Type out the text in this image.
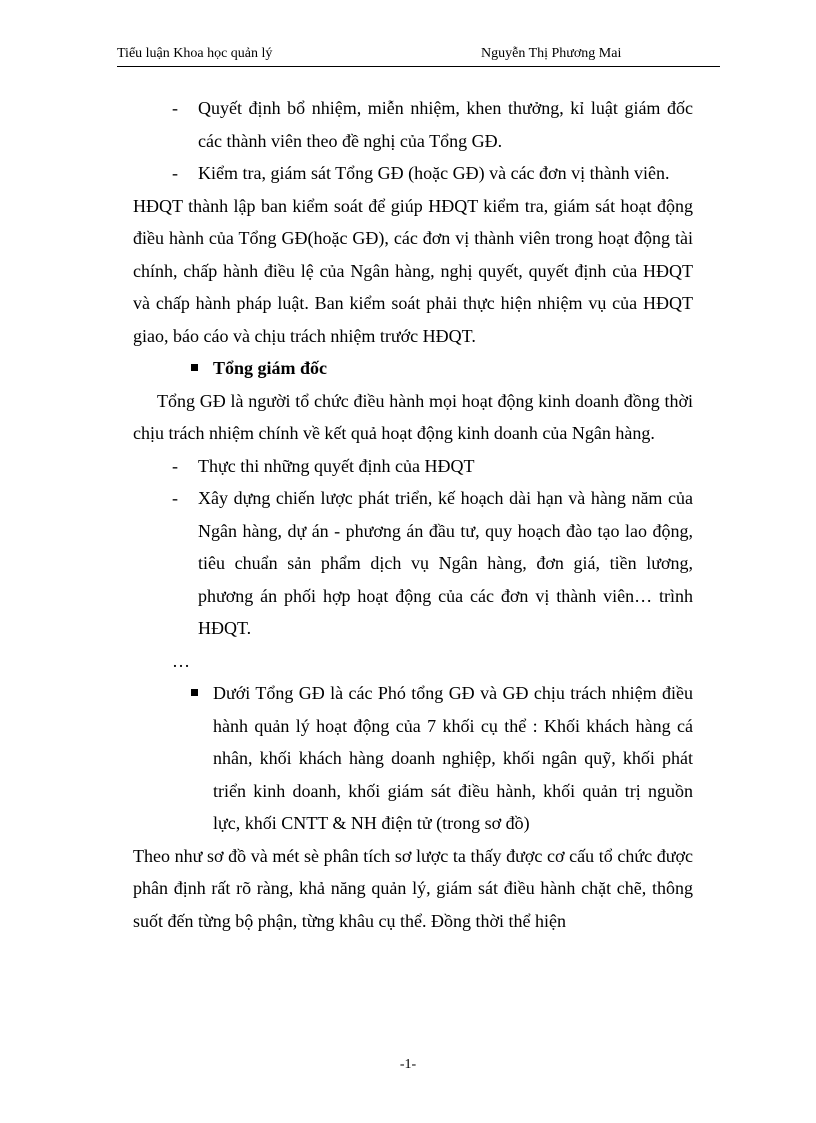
Tiểu luận Khoa học quản lý	Nguyễn Thị Phương Mai
- Quyết định bổ nhiệm, miễn nhiệm, khen thưởng, kỉ luật giám đốc các thành viên theo đề nghị của Tổng GĐ.
- Kiểm tra, giám sát Tổng GĐ (hoặc GĐ) và các đơn vị thành viên.
HĐQT thành lập ban kiểm soát để giúp HĐQT kiểm tra, giám sát hoạt động điều hành của Tổng GĐ(hoặc GĐ), các đơn vị thành viên trong hoạt động tài chính, chấp hành điều lệ của Ngân hàng, nghị quyết, quyết định của HĐQT và chấp hành pháp luật. Ban kiểm soát phải thực hiện nhiệm vụ của HĐQT giao, báo cáo và chịu trách nhiệm trước HĐQT.
Tổng giám đốc
Tổng GĐ là người tổ chức điều hành mọi hoạt động kinh doanh đồng thời chịu trách nhiệm chính về kết quả hoạt động kinh doanh của Ngân hàng.
- Thực thi những quyết định của HĐQT
- Xây dựng chiến lược phát triển, kế hoạch dài hạn và hàng năm của Ngân hàng, dự án - phương án đầu tư, quy hoạch đào tạo lao động, tiêu chuẩn sản phẩm dịch vụ Ngân hàng, đơn giá, tiền lương, phương án phối hợp hoạt động của các đơn vị thành viên… trình HĐQT.
…
Dưới Tổng GĐ là các Phó tổng GĐ và GĐ chịu trách nhiệm điều hành quản lý hoạt động của 7 khối cụ thể : Khối khách hàng cá nhân, khối khách hàng doanh nghiệp, khối ngân quỹ, khối phát triển kinh doanh, khối giám sát điều hành, khối quản trị nguồn lực, khối CNTT & NH điện tử (trong sơ đồ)
Theo như sơ đồ và mét sè phân tích sơ lược ta thấy được cơ cấu tổ chức được phân định rất rõ ràng, khả năng quản lý, giám sát điều hành chặt chẽ, thông suốt đến từng bộ phận, từng khâu cụ thể. Đồng thời thể hiện
-1-
